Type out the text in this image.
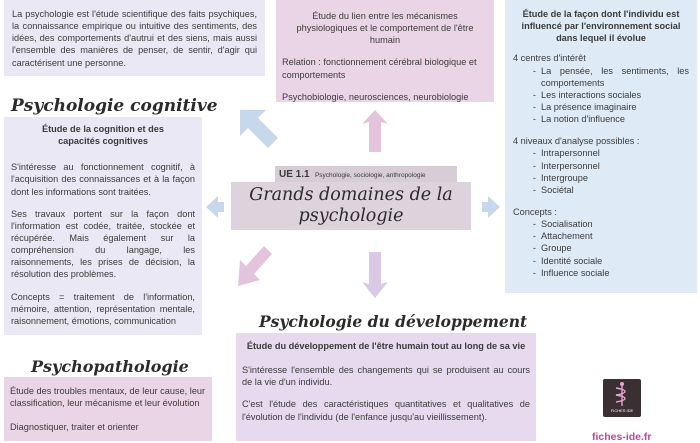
La psychologie est l'étude scientifique des faits psychiques, la connaissance empirique ou intuitive des sentiments, des idées, des comportements d'autrui et des siens, mais aussi l'ensemble des manières de penser, de sentir, d'agir qui caractérisent une personne.

Étude du lien entre les mécanismes physiologiques et le comportement de l'être humain

Relation : fonctionnement cérébral biologique et comportements

Psychobiologie, neurosciences, neurobiologie

Étude de la façon dont l'individu est influencé par l'environnement social dans lequel il évolue

4 centres d'intérêt

- La pensée, les sentiments, les comportements
- Les interactions sociales
- La présence imaginaire
- La notion d'influence

4 niveaux d'analyse possibles :

- Intrapersonnel
- Interpersonnel
- Intergroupe
- Sociétal

Concepts :

- Socialisation
- Attachement
- Groupe
- Identité sociale
- Influence sociale
Psychologie cognitive

Étude de la cognition et des capacités cognitives

S'intéresse au fonctionnement cognitif, à l'acquisition des connaissances et à la façon dont les informations sont traitées.

Ses travaux portent sur la façon dont l'information est codée, traitée, stockée et récupérée. Mais également sur la compréhension du langage, les raisonnements, les prises de décision, la résolution des problèmes.

Concepts = traitement de l'information, mémoire, attention, représentation mentale, raisonnement, émotions, communication

UE 1.1 Psychologie, sociologie, anthropologie
Grands domaines de la psychologie
Psychologie du développement

Étude du développement de l'être humain tout au long de sa vie

S'intéresse l'ensemble des changements qui se produisent au cours de la vie d'un individu.

C'est l'étude des caractéristiques quantitatives et qualitatives de l'évolution de l'individu (de l'enfance jusqu'au vieillissement).

Psychopathologie

Étude des troubles mentaux, de leur cause, leur classification, leur mécanisme et leur évolution

Diagnostiquer, traiter et orienter

FICHES IDE
fiches-ide.fr
